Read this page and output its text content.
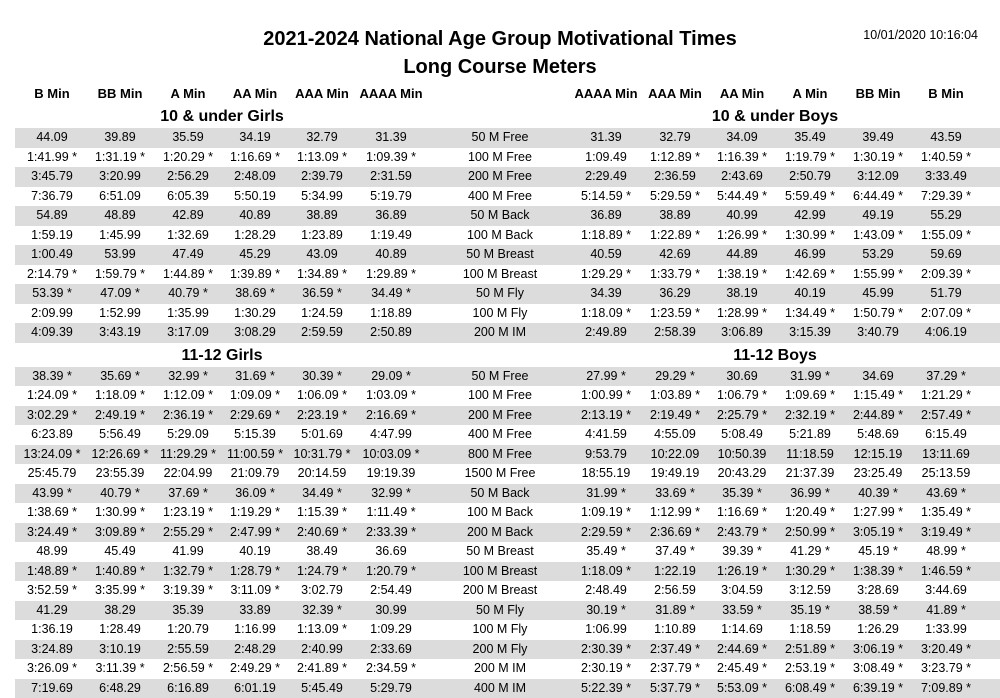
2021-2024 National Age Group Motivational Times
Long Course Meters
10/01/2020 10:16:04
B Min	BB Min	A Min	AA Min	AAA Min AAAA Min	AAAA Min AAA Min	AA Min	A Min	BB Min	B Min
10 & under Girls	10 & under Boys
44.09	39.89	35.59	34.19	32.79	31.39	50 M Free	31.39	32.79	34.09	35.49	39.49	43.59
1:41.99 *	1:31.19 *	1:20.29 *	1:16.69 *	1:13.09 *	1:09.39 *	100 M Free	1:09.49	1:12.89 *	1:16.39 *	1:19.79 *	1:30.19 *	1:40.59 *
3:45.79	3:20.99	2:56.29	2:48.09	2:39.79	2:31.59	200 M Free	2:29.49	2:36.59	2:43.69	2:50.79	3:12.09	3:33.49
7:36.79	6:51.09	6:05.39	5:50.19	5:34.99	5:19.79	400 M Free	5:14.59 *	5:29.59 *	5:44.49 *	5:59.49 *	6:44.49 *	7:29.39 *
54.89	48.89	42.89	40.89	38.89	36.89	50 M Back	36.89	38.89	40.99	42.99	49.19	55.29
1:59.19	1:45.99	1:32.69	1:28.29	1:23.89	1:19.49	100 M Back	1:18.89 *	1:22.89 *	1:26.99 *	1:30.99 *	1:43.09 *	1:55.09 *
1:00.49	53.99	47.49	45.29	43.09	40.89	50 M Breast	40.59	42.69	44.89	46.99	53.29	59.69
2:14.79 *	1:59.79 *	1:44.89 *	1:39.89 *	1:34.89 *	1:29.89 *	100 M Breast	1:29.29 *	1:33.79 *	1:38.19 *	1:42.69 *	1:55.99 *	2:09.39 *
53.39 *	47.09 *	40.79 *	38.69 *	36.59 *	34.49 *	50 M Fly	34.39	36.29	38.19	40.19	45.99	51.79
2:09.99	1:52.99	1:35.99	1:30.29	1:24.59	1:18.89	100 M Fly	1:18.09 *	1:23.59 *	1:28.99 *	1:34.49 *	1:50.79 *	2:07.09 *
4:09.39	3:43.19	3:17.09	3:08.29	2:59.59	2:50.89	200 M IM	2:49.89	2:58.39	3:06.89	3:15.39	3:40.79	4:06.19
11-12 Girls	11-12 Boys
38.39 *	35.69 *	32.99 *	31.69 *	30.39 *	29.09 *	50 M Free	27.99 *	29.29 *	30.69	31.99 *	34.69	37.29 *
1:24.09 *	1:18.09 *	1:12.09 *	1:09.09 *	1:06.09 *	1:03.09 *	100 M Free	1:00.99 *	1:03.89 *	1:06.79 *	1:09.69 *	1:15.49 *	1:21.29 *
3:02.29 *	2:49.19 *	2:36.19 *	2:29.69 *	2:23.19 *	2:16.69 *	200 M Free	2:13.19 *	2:19.49 *	2:25.79 *	2:32.19 *	2:44.89 *	2:57.49 *
6:23.89	5:56.49	5:29.09	5:15.39	5:01.69	4:47.99	400 M Free	4:41.59	4:55.09	5:08.49	5:21.89	5:48.69	6:15.49
13:24.09 * 12:26.69 * 11:29.29 * 11:00.59 * 10:31.79 * 10:03.09 *	800 M Free	9:53.79	10:22.09	10:50.39	11:18.59	12:15.19	13:11.69
25:45.79	23:55.39	22:04.99	21:09.79	20:14.59	19:19.39	1500 M Free	18:55.19	19:49.19	20:43.29	21:37.39	23:25.49	25:13.59
43.99 *	40.79 *	37.69 *	36.09 *	34.49 *	32.99 *	50 M Back	31.99 *	33.69 *	35.39 *	36.99 *	40.39 *	43.69 *
1:38.69 *	1:30.99 *	1:23.19 *	1:19.29 *	1:15.39 *	1:11.49 *	100 M Back	1:09.19 *	1:12.99 *	1:16.69 *	1:20.49 *	1:27.99 *	1:35.49 *
3:24.49 *	3:09.89 *	2:55.29 *	2:47.99 *	2:40.69 *	2:33.39 *	200 M Back	2:29.59 *	2:36.69 *	2:43.79 *	2:50.99 *	3:05.19 *	3:19.49 *
48.99	45.49	41.99	40.19	38.49	36.69	50 M Breast	35.49 *	37.49 *	39.39 *	41.29 *	45.19 *	48.99 *
1:48.89 *	1:40.89 *	1:32.79 *	1:28.79 *	1:24.79 *	1:20.79 *	100 M Breast	1:18.09 *	1:22.19	1:26.19 *	1:30.29 *	1:38.39 *	1:46.59 *
3:52.59 *	3:35.99 *	3:19.39 *	3:11.09 *	3:02.79	2:54.49	200 M Breast	2:48.49	2:56.59	3:04.59	3:12.59	3:28.69	3:44.69
41.29	38.29	35.39	33.89	32.39 *	30.99	50 M Fly	30.19 *	31.89 *	33.59 *	35.19 *	38.59 *	41.89 *
1:36.19	1:28.49	1:20.79	1:16.99	1:13.09 *	1:09.29	100 M Fly	1:06.99	1:10.89	1:14.69	1:18.59	1:26.29	1:33.99
3:24.89	3:10.19	2:55.59	2:48.29	2:40.99	2:33.69	200 M Fly	2:30.39 *	2:37.49 *	2:44.69 *	2:51.89 *	3:06.19 *	3:20.49 *
3:26.09 *	3:11.39 *	2:56.59 *	2:49.29 *	2:41.89 *	2:34.59 *	200 M IM	2:30.19 *	2:37.79 *	2:45.49 *	2:53.19 *	3:08.49 *	3:23.79 *
7:19.69	6:48.29	6:16.89	6:01.19	5:45.49	5:29.79	400 M IM	5:22.39 *	5:37.79 *	5:53.09 *	6:08.49 *	6:39.19 *	7:09.89 *
